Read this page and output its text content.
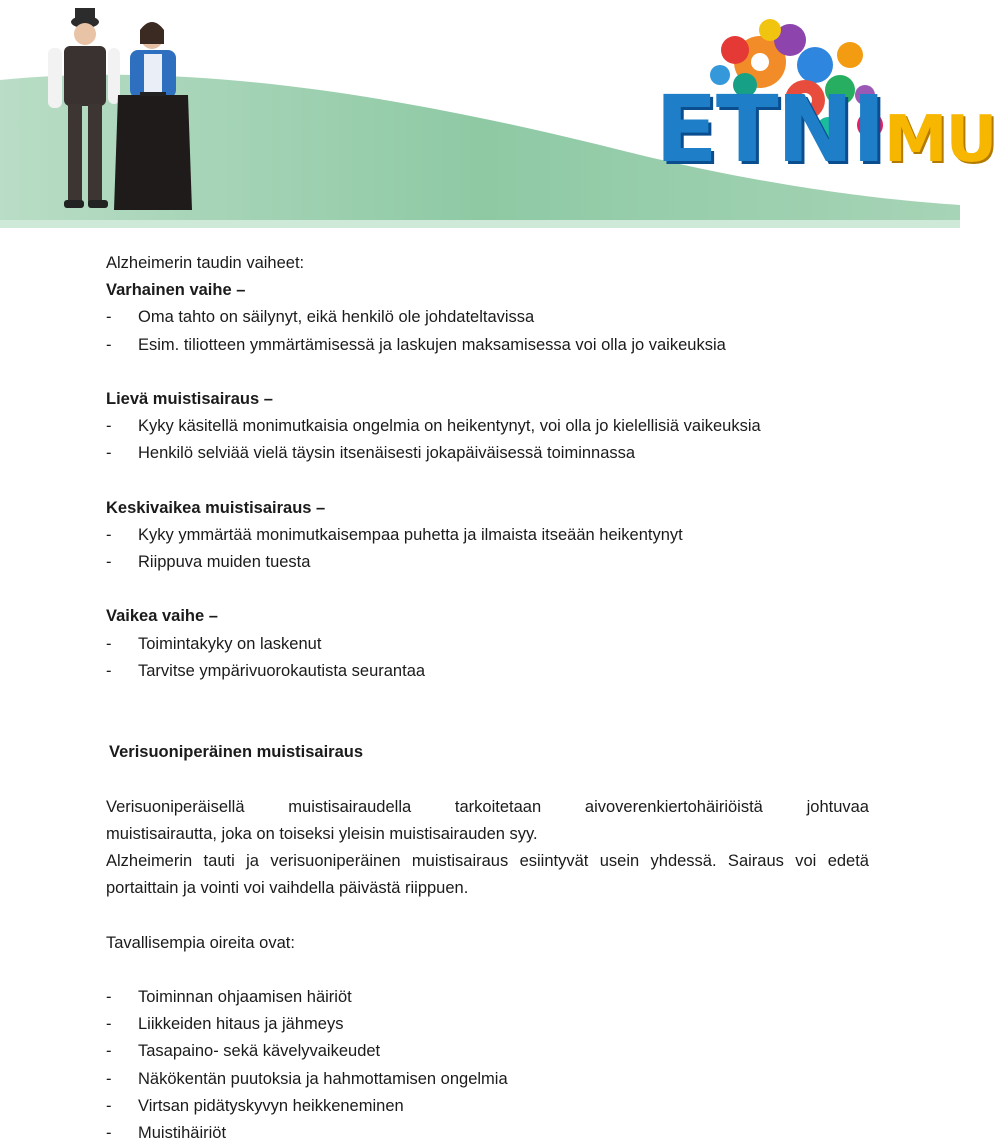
ETNIMU
Alzheimerin taudin vaiheet:
Varhainen vaihe –
-	Oma tahto on säilynyt, eikä henkilö ole johdateltavissa
-	Esim. tiliotteen ymmärtämisessä ja laskujen maksamisessa voi olla jo vaikeuksia
Lievä muistisairaus –
-	Kyky käsitellä monimutkaisia ongelmia on heikentynyt, voi olla jo kielellisiä vaikeuksia
-	Henkilö selviää vielä täysin itsenäisesti jokapäiväisessä toiminnassa
Keskivaikea muistisairaus –
-	Kyky ymmärtää monimutkaisempaa puhetta ja ilmaista itseään heikentynyt
-	Riippuva muiden tuesta
Vaikea vaihe –
-	Toimintakyky on laskenut
-	Tarvitse ympärivuorokautista seurantaa
Verisuoniperäinen muistisairaus
Verisuoniperäisellä muistisairaudella tarkoitetaan aivoverenkiertohäiriöistä johtuvaa
muistisairautta, joka on toiseksi yleisin muistisairauden syy.
Alzheimerin tauti ja verisuoniperäinen muistisairaus esiintyvät usein yhdessä. Sairaus voi edetä
portaittain ja vointi voi vaihdella päivästä riippuen.
Tavallisempia oireita ovat:
-	Toiminnan ohjaamisen häiriöt
-	Liikkeiden hitaus ja jähmeys
-	Tasapaino- sekä kävelyvaikeudet
-	Näkökentän puutoksia ja hahmottamisen ongelmia
-	Virtsan pidätyskyvyn heikkeneminen
-	Muistihäiriöt
